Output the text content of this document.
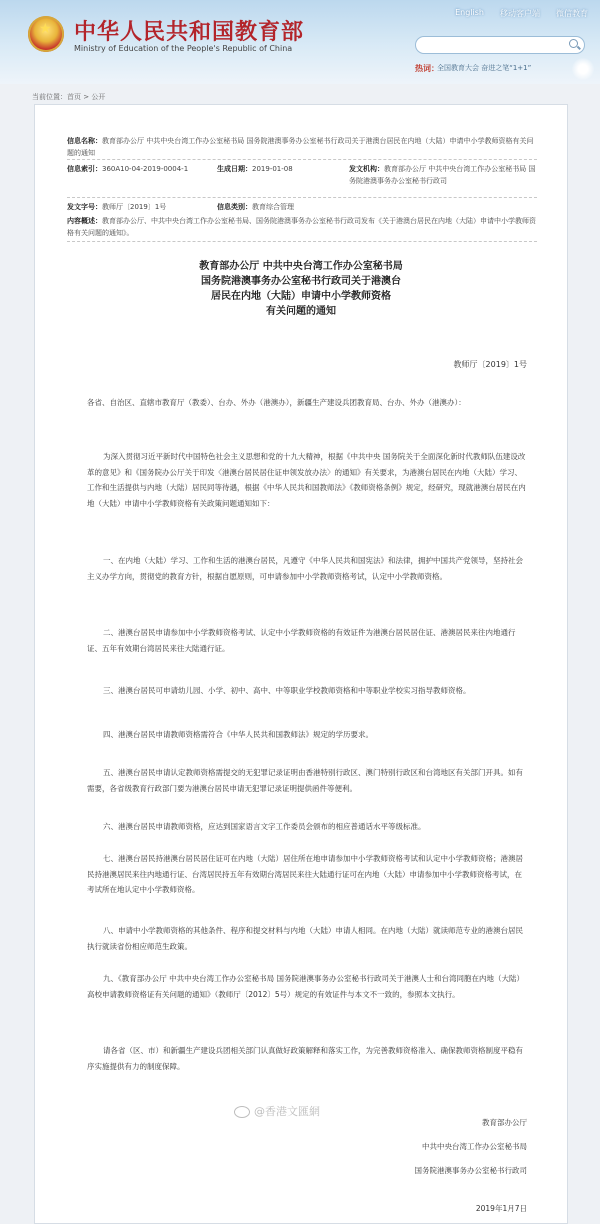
★ 中华人民共和国教育部
Ministry of Education of the People's Republic of China
English 移动客户端 微信教育
热词：
全国教育大会 奋进之笔“1+1”
当前位置：首页 > 公开
信息名称：教育部办公厅 中共中央台湾工作办公室秘书局 国务院港澳事务办公室秘书行政司关于港澳台居民在内地（大陆）申请中小学教师资格有关问题的通知
信息索引：360A10-04-2019-0004-1	生成日期：2019-01-08	发文机构：教育部办公厅 中共中央台湾工作办公室秘书局 国务院港澳事务办公室秘书行政司
发文字号：教师厅〔2019〕1号	信息类别：教育综合管理
内容概述：教育部办公厅、中共中央台湾工作办公室秘书局、国务院港澳事务办公室秘书行政司发布《关于港澳台居民在内地（大陆）申请中小学教师资格有关问题的通知》。
教育部办公厅 中共中央台湾工作办公室秘书局
国务院港澳事务办公室秘书行政司关于港澳台
居民在内地（大陆）申请中小学教师资格
有关问题的通知
教师厅〔2019〕1号
各省、自治区、直辖市教育厅（教委）、台办、外办（港澳办），新疆生产建设兵团教育局、台办、外办（港澳办）：
为深入贯彻习近平新时代中国特色社会主义思想和党的十九大精神，根据《中共中央 国务院关于全面深化新时代教师队伍建设改革的意见》和《国务院办公厅关于印发〈港澳台居民居住证申领发放办法〉的通知》有关要求，为港澳台居民在内地（大陆）学习、工作和生活提供与内地（大陆）居民同等待遇，根据《中华人民共和国教师法》《教师资格条例》规定，经研究，现就港澳台居民在内地（大陆）申请中小学教师资格有关政策问题通知如下：
一、在内地（大陆）学习、工作和生活的港澳台居民，凡遵守《中华人民共和国宪法》和法律，拥护中国共产党领导，坚持社会主义办学方向，贯彻党的教育方针，根据自愿原则，可申请参加中小学教师资格考试，认定中小学教师资格。
二、港澳台居民申请参加中小学教师资格考试、认定中小学教师资格的有效证件为港澳台居民居住证、港澳居民来往内地通行证、五年有效期台湾居民来往大陆通行证。
三、港澳台居民可申请幼儿园、小学、初中、高中、中等职业学校教师资格和中等职业学校实习指导教师资格。
四、港澳台居民申请教师资格需符合《中华人民共和国教师法》规定的学历要求。
五、港澳台居民申请认定教师资格需提交的无犯罪记录证明由香港特别行政区、澳门特别行政区和台湾地区有关部门开具。如有需要，各省级教育行政部门要为港澳台居民申请无犯罪记录证明提供函件等便利。
六、港澳台居民申请教师资格，应达到国家语言文字工作委员会颁布的相应普通话水平等级标准。
七、港澳台居民持港澳台居民居住证可在内地（大陆）居住所在地申请参加中小学教师资格考试和认定中小学教师资格；港澳居民持港澳居民来往内地通行证、台湾居民持五年有效期台湾居民来往大陆通行证可在内地（大陆）申请参加中小学教师资格考试，在考试所在地认定中小学教师资格。
八、申请中小学教师资格的其他条件、程序和提交材料与内地（大陆）申请人相同。在内地（大陆）就读师范专业的港澳台居民执行就读省份相应师范生政策。
九、《教育部办公厅 中共中央台湾工作办公室秘书局 国务院港澳事务办公室秘书行政司关于港澳人士和台湾同胞在内地（大陆）高校申请教师资格证有关问题的通知》（教师厅〔2012〕5号）规定的有效证件与本文不一致的，参照本文执行。
请各省（区、市）和新疆生产建设兵团相关部门认真做好政策解释和落实工作，为完善教师资格准入、确保教师资格制度平稳有序实施提供有力的制度保障。
教育部办公厅
中共中央台湾工作办公室秘书局
国务院港澳事务办公室秘书行政司
2019年1月7日
@香港文匯網
